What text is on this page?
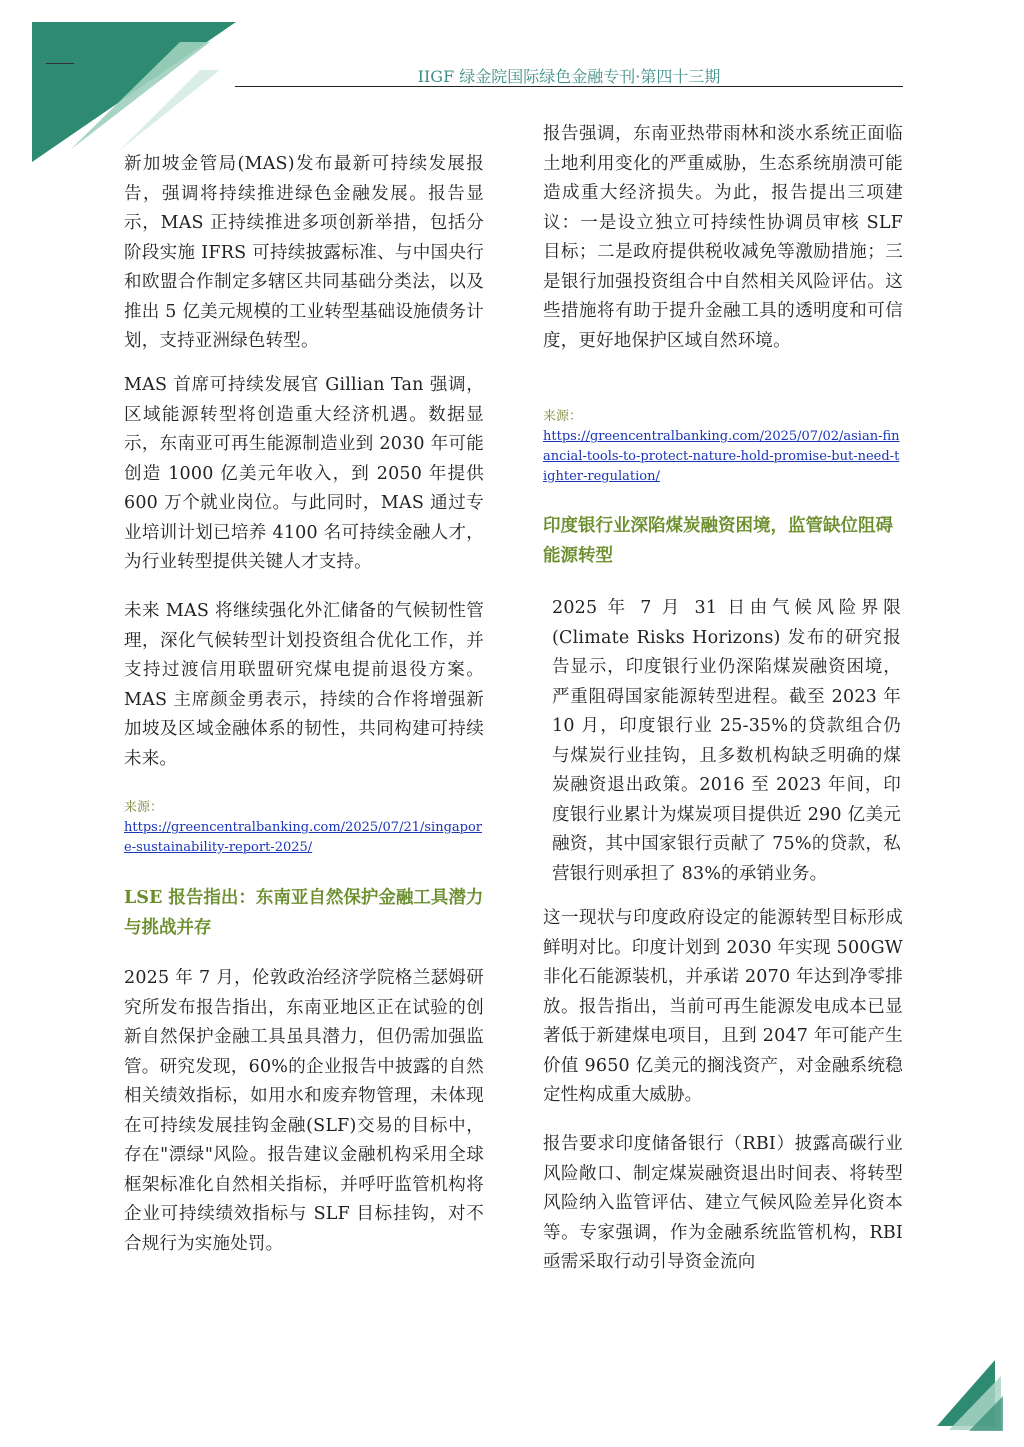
IIGF 绿金院国际绿色金融专刊·第四十三期

新加坡金管局(MAS)发布最新可持续发展报告，强调将持续推进绿色金融发展。报告显示，MAS 正持续推进多项创新举措，包括分阶段实施 IFRS 可持续披露标准、与中国央行和欧盟合作制定多辖区共同基础分类法，以及推出 5 亿美元规模的工业转型基础设施债务计划，支持亚洲绿色转型。

MAS 首席可持续发展官 Gillian Tan 强调，区域能源转型将创造重大经济机遇。数据显示，东南亚可再生能源制造业到 2030 年可能创造 1000 亿美元年收入，到 2050 年提供 600 万个就业岗位。与此同时，MAS 通过专业培训计划已培养 4100 名可持续金融人才，为行业转型提供关键人才支持。

未来 MAS 将继续强化外汇储备的气候韧性管理，深化气候转型计划投资组合优化工作，并支持过渡信用联盟研究煤电提前退役方案。MAS 主席颜金勇表示，持续的合作将增强新加坡及区域金融体系的韧性，共同构建可持续未来。

来源：

https://greencentralbanking.com/2025/07/21/singapore-sustainability-report-2025/

LSE 报告指出：东南亚自然保护金融工具潜力与挑战并存

2025 年 7 月，伦敦政治经济学院格兰瑟姆研究所发布报告指出，东南亚地区正在试验的创新自然保护金融工具虽具潜力，但仍需加强监管。研究发现，60%的企业报告中披露的自然相关绩效指标，如用水和废弃物管理，未体现在可持续发展挂钩金融(SLF)交易的目标中，存在"漂绿"风险。报告建议金融机构采用全球框架标准化自然相关指标，并呼吁监管机构将企业可持续绩效指标与 SLF 目标挂钩，对不合规行为实施处罚。

报告强调，东南亚热带雨林和淡水系统正面临土地利用变化的严重威胁，生态系统崩溃可能造成重大经济损失。为此，报告提出三项建议：一是设立独立可持续性协调员审核 SLF 目标；二是政府提供税收减免等激励措施；三是银行加强投资组合中自然相关风险评估。这些措施将有助于提升金融工具的透明度和可信度，更好地保护区域自然环境。

来源：

https://greencentralbanking.com/2025/07/02/asian-financial-tools-to-protect-nature-hold-promise-but-need-tighter-regulation/

印度银行业深陷煤炭融资困境，监管缺位阻碍能源转型

2025 年 7 月 31 日由气候风险界限(Climate Risks Horizons) 发布的研究报告显示，印度银行业仍深陷煤炭融资困境，严重阻碍国家能源转型进程。截至 2023 年 10 月，印度银行业 25-35%的贷款组合仍与煤炭行业挂钩，且多数机构缺乏明确的煤炭融资退出政策。2016 至 2023 年间，印度银行业累计为煤炭项目提供近 290 亿美元融资，其中国家银行贡献了 75%的贷款，私营银行则承担了 83%的承销业务。

这一现状与印度政府设定的能源转型目标形成鲜明对比。印度计划到 2030 年实现 500GW 非化石能源装机，并承诺 2070 年达到净零排放。报告指出，当前可再生能源发电成本已显著低于新建煤电项目，且到 2047 年可能产生价值 9650 亿美元的搁浅资产，对金融系统稳定性构成重大威胁。

报告要求印度储备银行（RBI）披露高碳行业风险敞口、制定煤炭融资退出时间表、将转型风险纳入监管评估、建立气候风险差异化资本等。专家强调，作为金融系统监管机构，RBI 亟需采取行动引导资金流向
